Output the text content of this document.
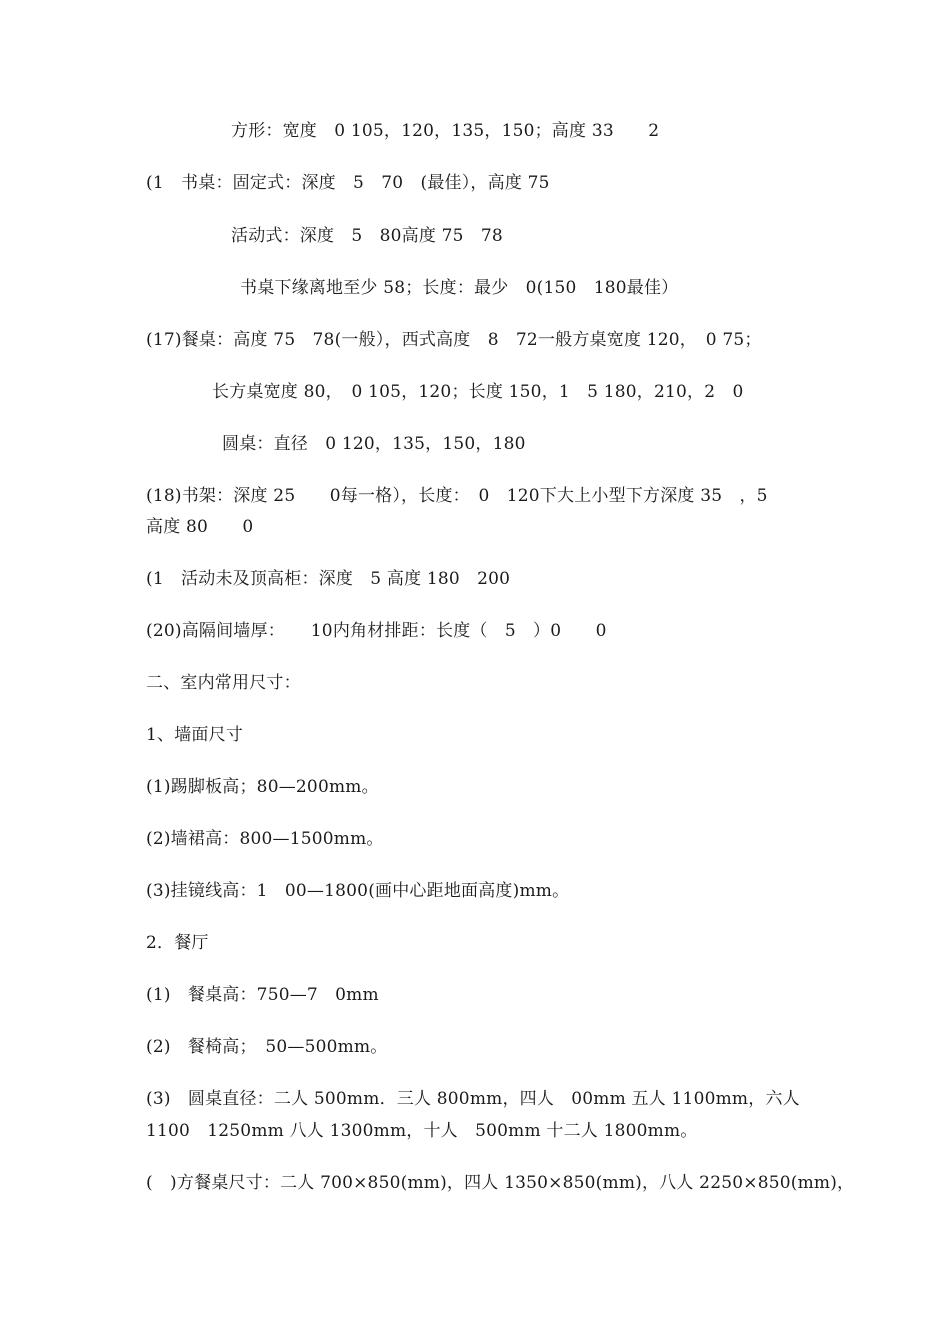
方形：宽度　0 105，120，135，150；高度 33　　2
(1　书桌：固定式：深度　5　70　(最佳），高度 75
活动式：深度　5　80高度 75　78
书桌下缘离地至少 58；长度：最少　0(150　180最佳）
(17)餐桌：高度 75　78(一般），西式高度　8　72一般方桌宽度 120，　0 75；
长方桌宽度 80，　0 105，120；长度 150，1　5 180，210，2　0
圆桌：直径　0 120，135，150，180
(18)书架：深度 25　　0每一格），长度：　0　120下大上小型下方深度 35　，5
高度 80　　0
(1　活动未及顶高柜：深度　5 高度 180　200
(20)高隔间墙厚：　　10内角材排距：长度（　5　）0　　0
二、室内常用尺寸：
1、墙面尺寸
(1)踢脚板高；80—200mm。
(2)墙裙高：800—1500mm。
(3)挂镜线高：1　00—1800(画中心距地面高度)mm。
2．餐厅
(1)　餐桌高：750—7　0mm
(2)　餐椅高；　50—500mm。
(3)　圆桌直径：二人 500mm．三人 800mm，四人　00mm 五人 1100mm，六人
1100　1250mm 八人 1300mm，十人　500mm 十二人 1800mm。
(　)方餐桌尺寸：二人 700×850(mm)，四人 1350×850(mm)，八人 2250×850(mm)，
